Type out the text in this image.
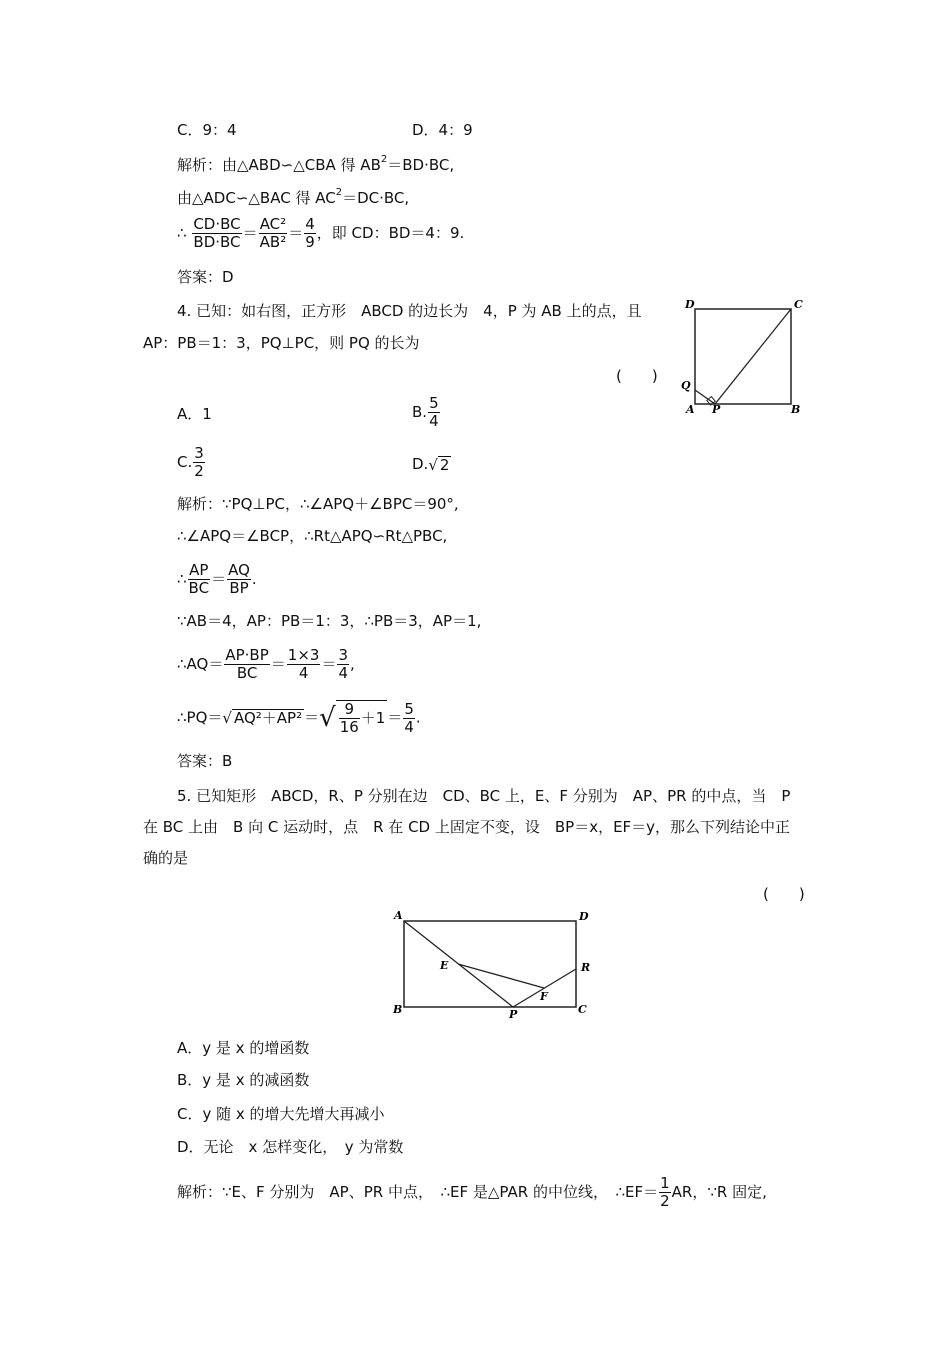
C．9：4	D．4：9
解析：由△ABD∽△CBA 得 $AB^2=BD\cdot BC$,
由△ADC∽△BAC 得 $AC^2=DC\cdot BC$,
∴ $\frac{CD\cdot BC}{BD\cdot BC} = \frac{\text{AC²}}{\text{AB²}} = \frac{4}{9}$ ，即 CD：BD＝4：9.
答案：D
4. 已知：如右图，正方形　ABCD 的边长为　4，P 为 AB 上的点，且
AP：PB＝1：3，PQ⊥PC，则 PQ 的长为
(　　)
D	C
Q
A P	B
A．1	B. $\frac{5}{4}$
C. $\frac{3}{2}$	D.√ 2
解析：∵PQ⊥PC，∴∠APQ＋∠BPC＝90°,
∴∠APQ＝∠BCP，∴Rt△APQ∽Rt△PBC,
∴ $\frac{AP}{BC} = \frac{AQ}{BP}$ .
∵AB＝4，AP：PB＝1：3，∴PB＝3，AP＝1,
∴AQ＝ $\frac{AP\cdot BP}{BC} = \frac{1\times 3}{4} = \frac{3}{4}$ ,
∴PQ＝√ AQ²＋AP² ＝√ $\frac{9}{16} +1 = \frac{5}{4}$ .
答案：B
5. 已知矩形　ABCD，R、P 分别在边　CD、BC 上，E、F 分别为　AP、PR 的中点，当　P
在 BC 上由　B 向 C 运动时，点　R 在 CD 上固定不变，设　BP＝x，EF＝y，那么下列结论中正
确的是
(　　)
A	D
E	R
F
B	P	C
A．y 是 x 的增函数
B．y 是 x 的减函数
C．y 随 x 的增大先增大再减小
D．无论　x 怎样变化，　y 为常数
解析：∵E、F 分别为　AP、PR 中点，　∴EF 是△PAR 的中位线，　∴EF＝ $\frac{1}{2}$ AR，∵R 固定,
